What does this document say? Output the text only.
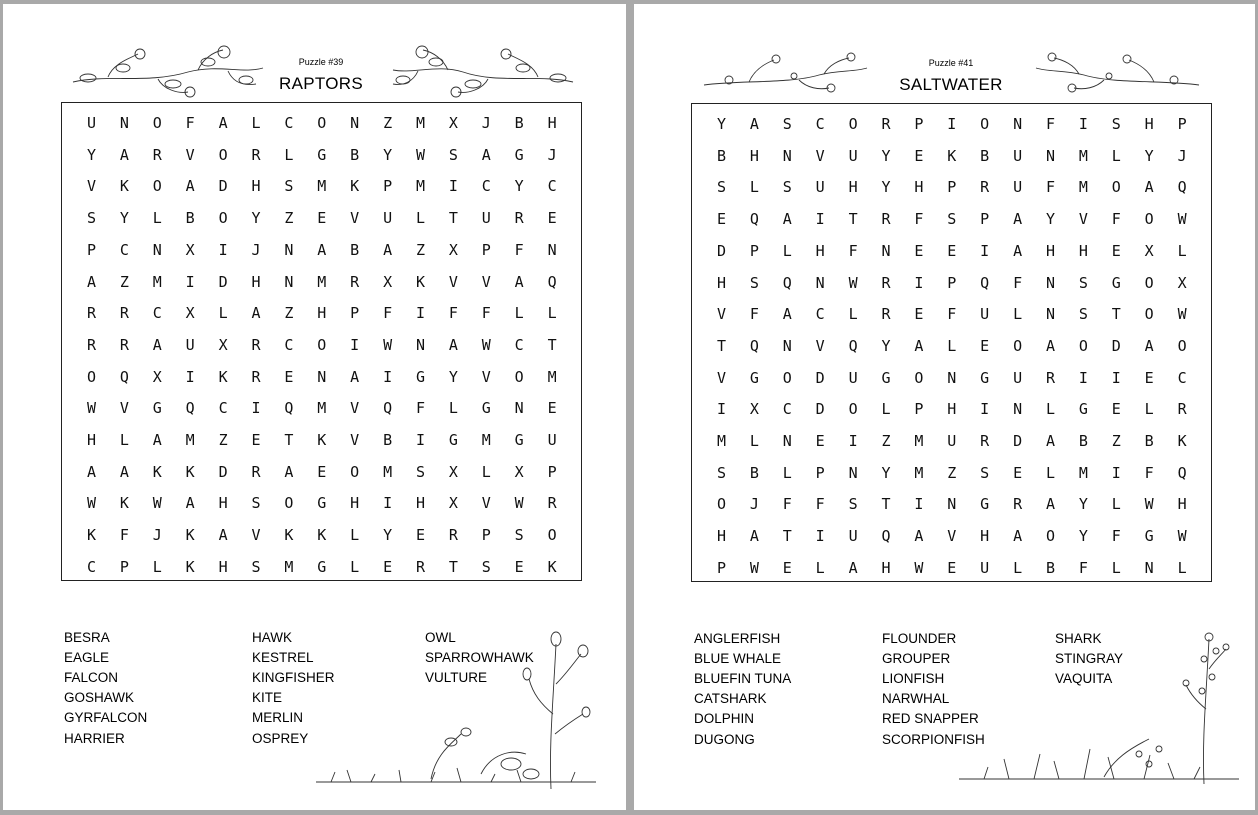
Puzzle #39
RAPTORS
U	N	O	F	A	L	C	O	N	Z	M	X	J	B	H
Y	A	R	V	O	R	L	G	B	Y	W	S	A	G	J
V	K	O	A	D	H	S	M	K	P	M	I	C	Y	C
S	Y	L	B	O	Y	Z	E	V	U	L	T	U	R	E
P	C	N	X	I	J	N	A	B	A	Z	X	P	F	N
A	Z	M	I	D	H	N	M	R	X	K	V	V	A	Q
R	R	C	X	L	A	Z	H	P	F	I	F	F	L	L
R	R	A	U	X	R	C	O	I	W	N	A	W	C	T
O	Q	X	I	K	R	E	N	A	I	G	Y	V	O	M
W	V	G	Q	C	I	Q	M	V	Q	F	L	G	N	E
H	L	A	M	Z	E	T	K	V	B	I	G	M	G	U
A	A	K	K	D	R	A	E	O	M	S	X	L	X	P
W	K	W	A	H	S	O	G	H	I	H	X	V	W	R
K	F	J	K	A	V	K	K	L	Y	E	R	P	S	O
C	P	L	K	H	S	M	G	L	E	R	T	S	E	K
BESRA
EAGLE
FALCON
GOSHAWK
GYRFALCON
HARRIER
HAWK
KESTREL
KINGFISHER
KITE
MERLIN
OSPREY
OWL
SPARROWHAWK
VULTURE
Puzzle #41
SALTWATER
Y	A	S	C	O	R	P	I	O	N	F	I	S	H	P
B	H	N	V	U	Y	E	K	B	U	N	M	L	Y	J
S	L	S	U	H	Y	H	P	R	U	F	M	O	A	Q
E	Q	A	I	T	R	F	S	P	A	Y	V	F	O	W
D	P	L	H	F	N	E	E	I	A	H	H	E	X	L
H	S	Q	N	W	R	I	P	Q	F	N	S	G	O	X
V	F	A	C	L	R	E	F	U	L	N	S	T	O	W
T	Q	N	V	Q	Y	A	L	E	O	A	O	D	A	O
V	G	O	D	U	G	O	N	G	U	R	I	I	E	C
I	X	C	D	O	L	P	H	I	N	L	G	E	L	R
M	L	N	E	I	Z	M	U	R	D	A	B	Z	B	K
S	B	L	P	N	Y	M	Z	S	E	L	M	I	F	Q
O	J	F	F	S	T	I	N	G	R	A	Y	L	W	H
H	A	T	I	U	Q	A	V	H	A	O	Y	F	G	W
P	W	E	L	A	H	W	E	U	L	B	F	L	N	L
ANGLERFISH
BLUE WHALE
BLUEFIN TUNA
CATSHARK
DOLPHIN
DUGONG
FLOUNDER
GROUPER
LIONFISH
NARWHAL
RED SNAPPER
SCORPIONFISH
SHARK
STINGRAY
VAQUITA
